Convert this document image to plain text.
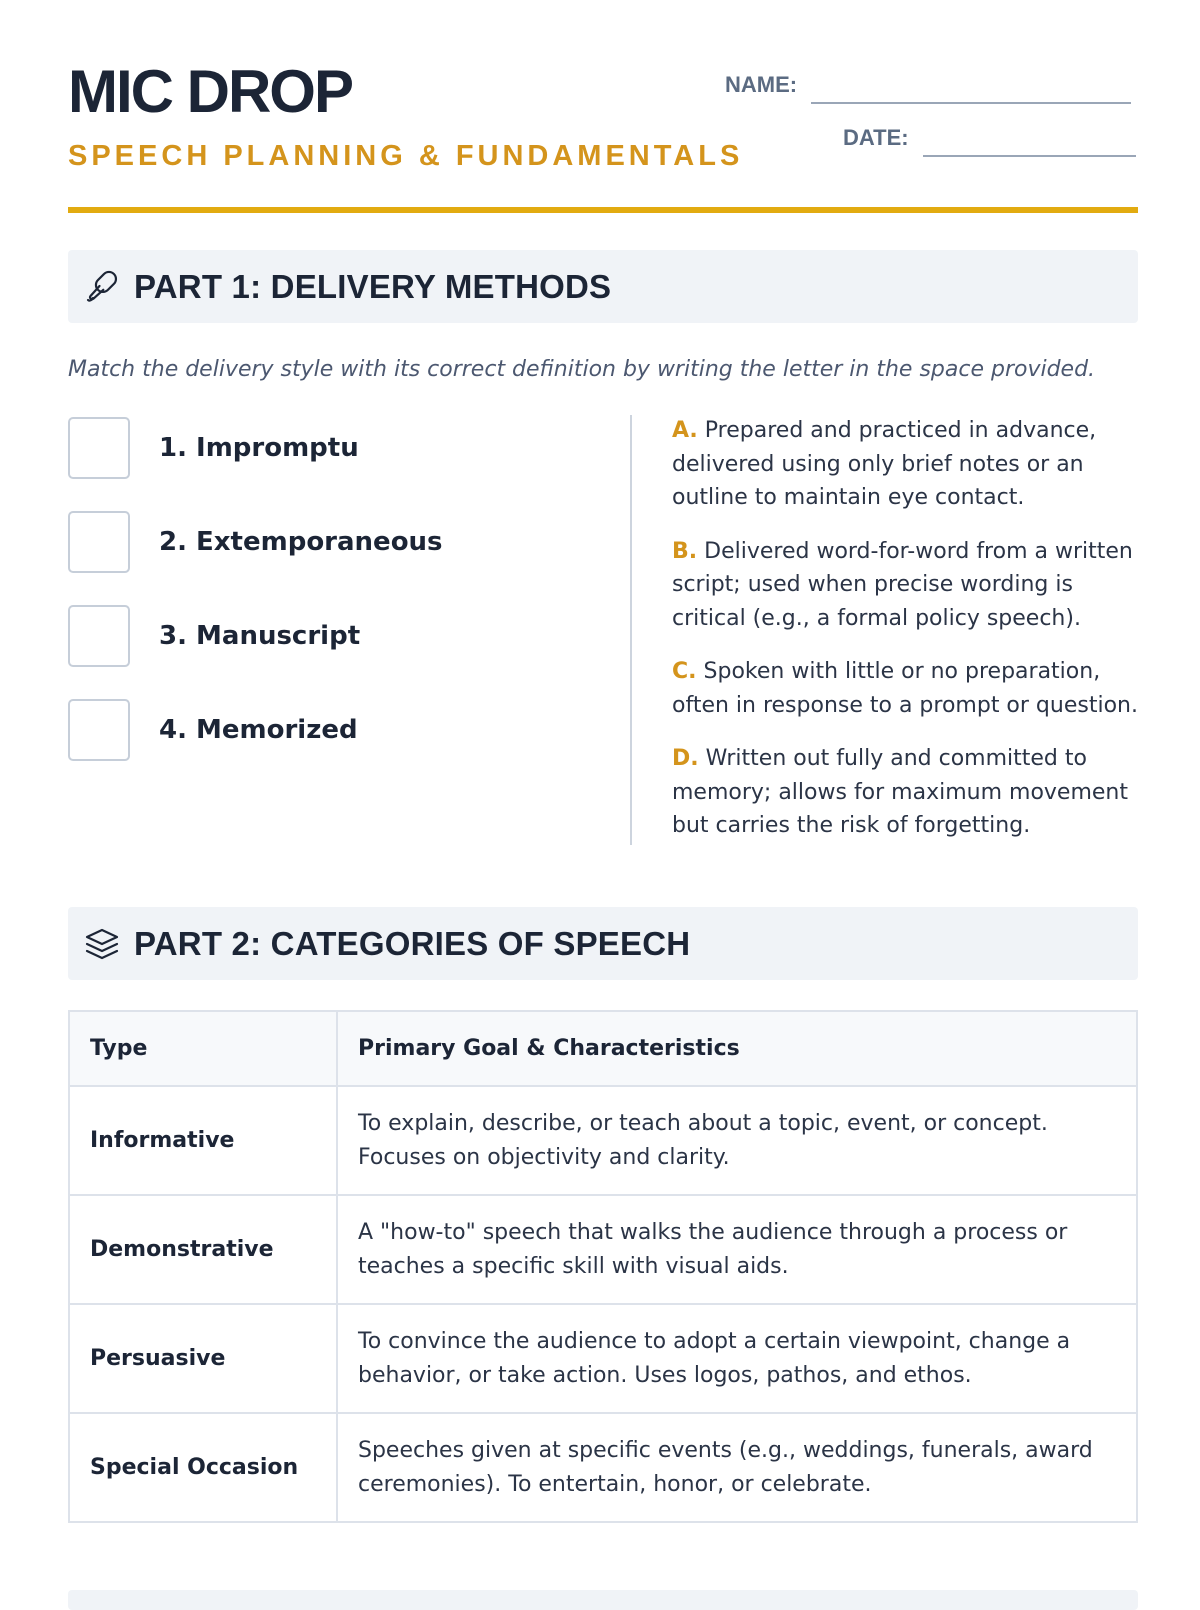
MIC DROP
SPEECH PLANNING & FUNDAMENTALS
NAME:
DATE:
PART 1: DELIVERY METHODS
Match the delivery style with its correct definition by writing the letter in the space provided.
1. Impromptu
2. Extemporaneous
3. Manuscript
4. Memorized
A. Prepared and practiced in advance, delivered using only brief notes or an outline to maintain eye contact.
B. Delivered word-for-word from a written script; used when precise wording is critical (e.g., a formal policy speech).
C. Spoken with little or no preparation, often in response to a prompt or question.
D. Written out fully and committed to memory; allows for maximum movement but carries the risk of forgetting.
PART 2: CATEGORIES OF SPEECH
Type	Primary Goal & Characteristics
Informative	To explain, describe, or teach about a topic, event, or concept. Focuses on objectivity and clarity.
Demonstrative	A "how-to" speech that walks the audience through a process or teaches a specific skill with visual aids.
Persuasive	To convince the audience to adopt a certain viewpoint, change a behavior, or take action. Uses logos, pathos, and ethos.
Special Occasion	Speeches given at specific events (e.g., weddings, funerals, award ceremonies). To entertain, honor, or celebrate.
